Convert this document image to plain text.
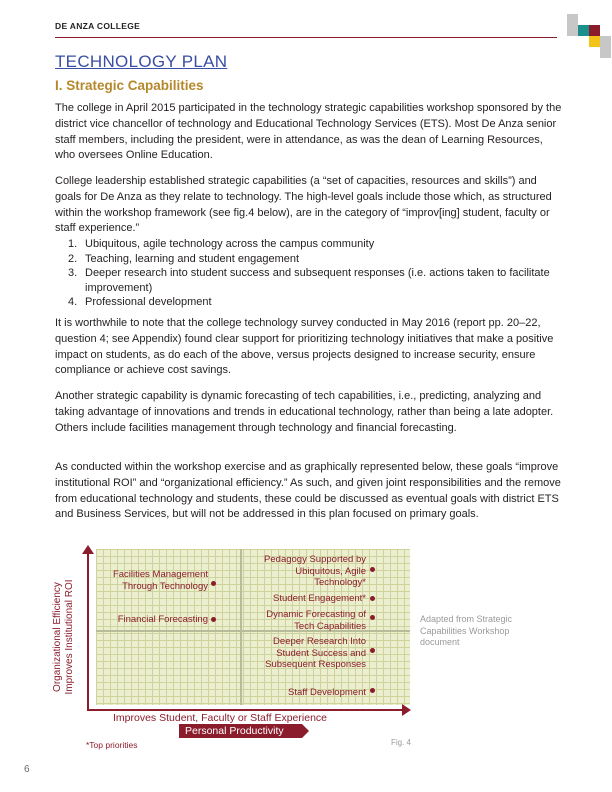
DE ANZA COLLEGE
TECHNOLOGY PLAN
I. Strategic Capabilities

The college in April 2015 participated in the technology strategic capabilities workshop sponsored by the district vice chancellor of technology and Educational Technology Services (ETS). Most De Anza senior staff members, including the president, were in attendance, as was the dean of Learning Resources, who oversees Online Education.

College leadership established strategic capabilities (a “set of capacities, resources and skills”) and goals for De Anza as they relate to technology. The high-level goals include those which, as structured within the workshop framework (see fig.4 below), are in the category of “improv[ing] student, faculty or staff experience.”

1. Ubiquitous, agile technology across the campus community
2. Teaching, learning and student engagement
3. Deeper research into student success and subsequent responses (i.e. actions taken to facilitate improvement)
4. Professional development

It is worthwhile to note that the college technology survey conducted in May 2016 (report pp. 20–22, question 4; see Appendix) found clear support for prioritizing technology initiatives that make a positive impact on students, as do each of the above, versus projects designed to increase security, ensure compliance or achieve cost savings.

Another strategic capability is dynamic forecasting of tech capabilities, i.e., predicting, analyzing and taking advantage of innovations and trends in educational technology, rather than being a late adopter. Others include facilities management through technology and financial forecasting.

As conducted within the workshop exercise and as graphically represented below, these goals “improve institutional ROI” and “organizational efficiency.” As such, and given joint responsibilities and the remove from educational technology and students, these could be discussed as eventual goals with district ETS and Business Services, but will not be addressed in this plan focused on primary goals.

Organizational Efficiency Improves Institutional ROI
Improves Student, Faculty or Staff Experience
Personal Productivity
Facilities Management Through Technology
Financial Forecasting
Pedagogy Supported by Ubiquitous, Agile Technology*
Student Engagement*
Dynamic Forecasting of Tech Capabilities
Deeper Research Into Student Success and Subsequent Responses
Staff Development
Adapted from Strategic Capabilities Workshop document
*Top priorities	Fig. 4
6
